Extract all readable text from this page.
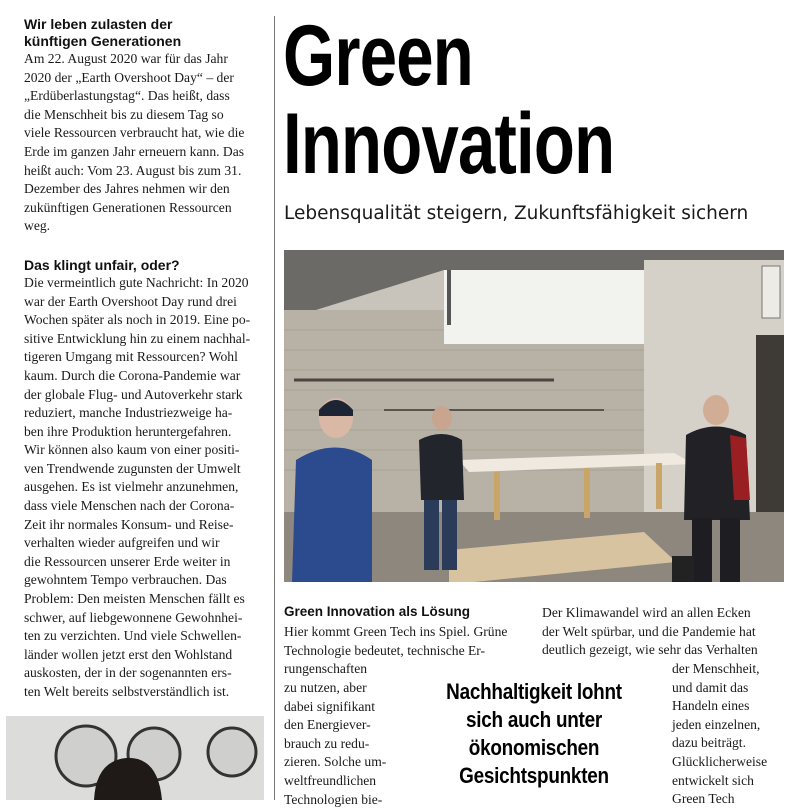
Wir leben zulasten der
künftigen Generationen
Am 22. August 2020 war für das Jahr
2020 der „Earth Overshoot Day“ – der
„Erdüberlastungstag“. Das heißt, dass
die Menschheit bis zu diesem Tag so
viele Ressourcen verbraucht hat, wie die
Erde im ganzen Jahr erneuern kann. Das
heißt auch: Vom 23. August bis zum 31.
Dezember des Jahres nehmen wir den
zukünftigen Generationen Ressourcen
weg.
Das klingt unfair, oder?
Die vermeintlich gute Nachricht: In 2020
war der Earth Overshoot Day rund drei
Wochen später als noch in 2019. Eine po-
sitive Entwicklung hin zu einem nachhal-
tigeren Umgang mit Ressourcen? Wohl
kaum. Durch die Corona-Pandemie war
der globale Flug- und Autoverkehr stark
reduziert, manche Industriezweige ha-
ben ihre Produktion heruntergefahren.
Wir können also kaum von einer positi-
ven Trendwende zugunsten der Umwelt
ausgehen. Es ist vielmehr anzunehmen,
dass viele Menschen nach der Corona-
Zeit ihr normales Konsum- und Reise-
verhalten wieder aufgreifen und wir
die Ressourcen unserer Erde weiter in
gewohntem Tempo verbrauchen. Das
Problem: Den meisten Menschen fällt es
schwer, auf liebgewonnene Gewohnhei-
ten zu verzichten. Und viele Schwellen-
länder wollen jetzt erst den Wohlstand
auskosten, der in der sogenannten ers-
ten Welt bereits selbstverständlich ist.
Green
Innovation
Lebensqualität steigern, Zukunftsfähigkeit sichern
Green Innovation als Lösung
Hier kommt Green Tech ins Spiel. Grüne
Technologie bedeutet, technische Er-
rungenschaften
zu nutzen, aber
dabei signifikant
den Energiever-
brauch zu redu-
zieren. Solche um-
weltfreundlichen
Technologien bie-
Der Klimawandel wird an allen Ecken
der Welt spürbar, und die Pandemie hat
deutlich gezeigt, wie sehr das Verhalten
der Menschheit,
und damit das
Handeln eines
jeden einzelnen,
dazu beiträgt.
Glücklicherweise
entwickelt sich
Green Tech
Nachhaltigkeit lohnt
sich auch unter
ökonomischen
Gesichtspunkten
